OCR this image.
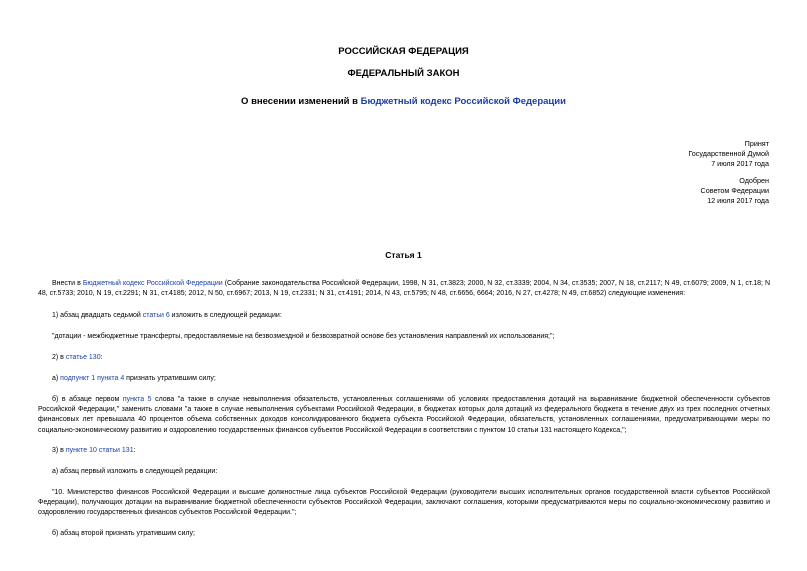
РОССИЙСКАЯ ФЕДЕРАЦИЯ
ФЕДЕРАЛЬНЫЙ ЗАКОН
О внесении изменений в Бюджетный кодекс Российской Федерации
Принят
Государственной Думой
7 июля 2017 года
Одобрен
Советом Федерации
12 июля 2017 года
Статья 1
Внести в Бюджетный кодекс Российской Федерации (Собрание законодательства Российской Федерации, 1998, N 31, ст.3823; 2000, N 32, ст.3339; 2004, N 34, ст.3535; 2007, N 18, ст.2117; N 49, ст.6079; 2009, N 1, ст.18; N 48, ст.5733; 2010, N 19, ст.2291; N 31, ст.4185; 2012, N 50, ст.6967; 2013, N 19, ст.2331; N 31, ст.4191; 2014, N 43, ст.5795; N 48, ст.6656, 6664; 2016, N 27, ст.4278; N 49, ст.6852) следующие изменения:
1) абзац двадцать седьмой статьи 6 изложить в следующей редакции:
"дотации - межбюджетные трансферты, предоставляемые на безвозмездной и безвозвратной основе без установления направлений их использования;";
2) в статье 130:
а) подпункт 1 пункта 4 признать утратившим силу;
б) в абзаце первом пункта 5 слова "а также в случае невыполнения обязательств, установленных соглашениями об условиях предоставления дотаций на выравнивание бюджетной обеспеченности субъектов Российской Федерации," заменить словами "а также в случае невыполнения субъектами Российской Федерации, в бюджетах которых доля дотаций из федерального бюджета в течение двух из трех последних отчетных финансовых лет превышала 40 процентов объема собственных доходов консолидированного бюджета субъекта Российской Федерации, обязательств, установленных соглашениями, предусматривающими меры по социально-экономическому развитию и оздоровлению государственных финансов субъектов Российской Федерации в соответствии с пунктом 10 статьи 131 настоящего Кодекса,";
3) в пункте 10 статьи 131:
а) абзац первый изложить в следующей редакции:
"10. Министерство финансов Российской Федерации и высшие должностные лица субъектов Российской Федерации (руководители высших исполнительных органов государственной власти субъектов Российской Федерации), получающих дотации на выравнивание бюджетной обеспеченности субъектов Российской Федерации, заключают соглашения, которыми предусматриваются меры по социально-экономическому развитию и оздоровлению государственных финансов субъектов Российской Федерации.";
б) абзац второй признать утратившим силу;
